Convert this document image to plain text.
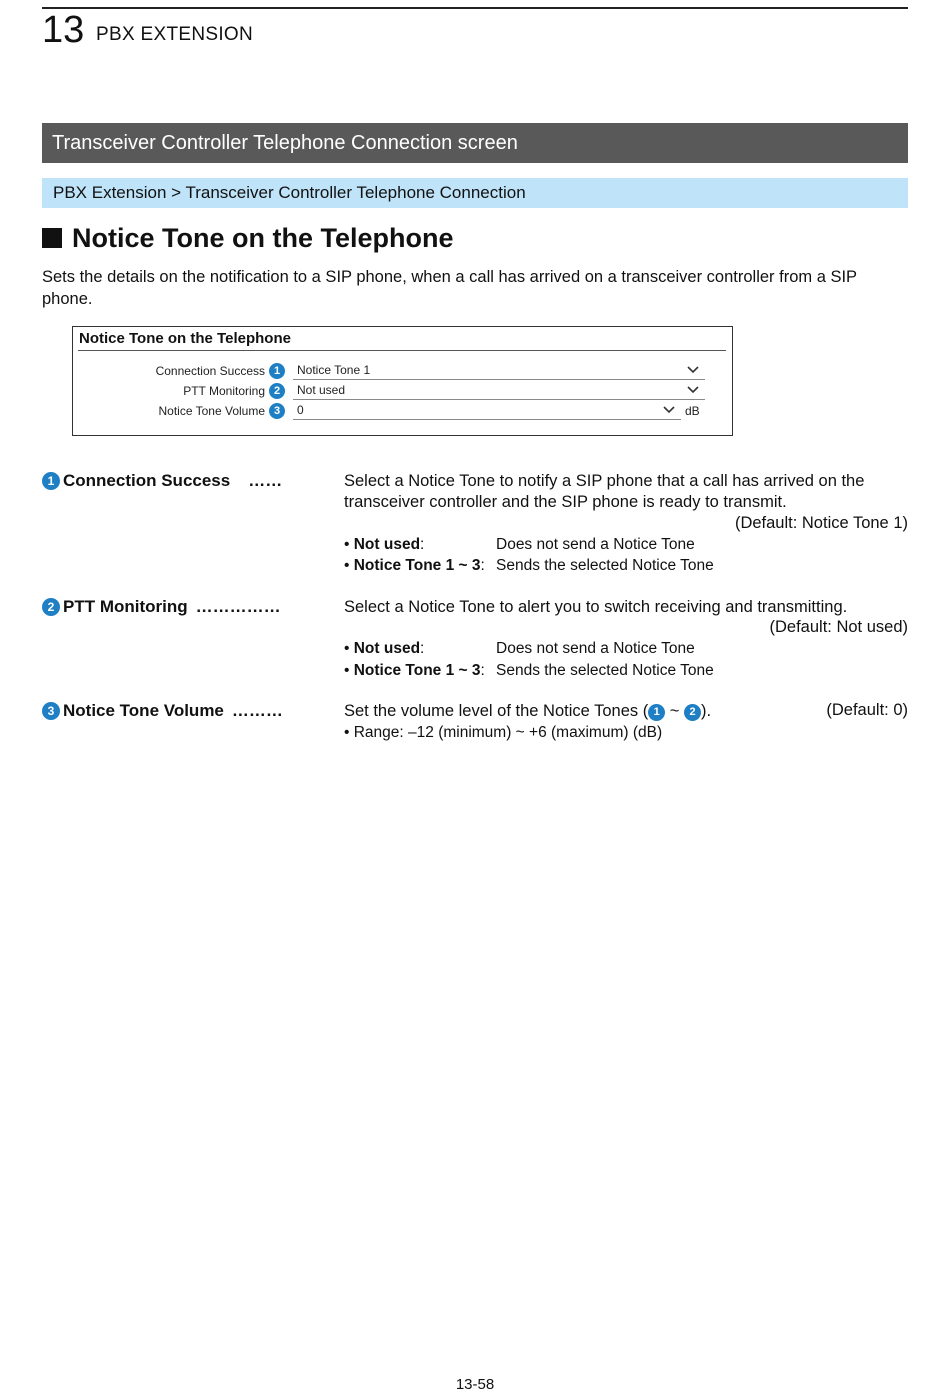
13 PBX EXTENSION
Transceiver Controller Telephone Connection screen
PBX Extension > Transceiver Controller Telephone Connection
Notice Tone on the Telephone
Sets the details on the notification to a SIP phone, when a call has arrived on a transceiver controller from a SIP phone.
Notice Tone on the Telephone
Connection Success 1	Notice Tone 1
PTT Monitoring 2	Not used
Notice Tone Volume 3	0	dB
1 Connection Success ……	Select a Notice Tone to notify a SIP phone that a call has arrived on the transceiver controller and the SIP phone is ready to transmit.
(Default: Notice Tone 1)
• Not used:	Does not send a Notice Tone
• Notice Tone 1 ~ 3: Sends the selected Notice Tone
2 PTT Monitoring ……………	Select a Notice Tone to alert you to switch receiving and transmitting.
(Default: Not used)
• Not used:	Does not send a Notice Tone
• Notice Tone 1 ~ 3: Sends the selected Notice Tone
3 Notice Tone Volume ………	Set the volume level of the Notice Tones ( 1 ~ 2 ).	(Default: 0)
• Range: –12 (minimum) ~ +6 (maximum) (dB)
13-58
